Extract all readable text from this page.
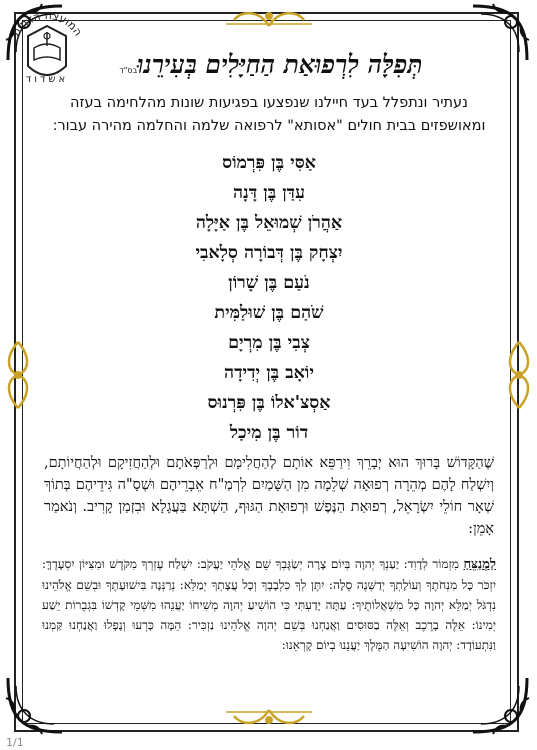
המועצה הדתית
אשדוד
תְּפִלָּה לִרְפוּאַת הַחַיָּלִים בְּעִירֵנוּ
בס"ד
נעתיר ונתפלל בעד חיילנו שנפצעו בפגיעות שונות מהלחימה בעזה ומאושפזים בבית חולים "אסותא" לרפואה שלמה והחלמה מהירה עבור:
אַסִּי בֶּן פִּרְמוֹס
עִדַּן בֶּן דָּנָה
אַהֲרֹן שְׁמוּאֵל בֶּן אַיָּלָה
יִצְחָק בֶּן דְּבוֹרָה סְלָאבִי
נֹעַם בֶּן שָׁרוֹן
שֹׁהַם בֶּן שׁוּלַמִּית
צְבִי בֶּן מִרְיָם
יוֹאָב בֶּן יְדִידָה
אַסְצ'אלוֹ בֶּן פִּרְנוּס
דוֹר בֶּן מִיכַל
שֶׁהַקָּדוֹשׁ בָּרוּךְ הוּא יְבָרֵךְ וִירַפֵּא אוֹתָם לְהַחֲלִימָם וּלְרַפְּאֹתָם וּלְהַחֲזִיקָם וּלְהַחֲיוֹתָם, וְיִשְׁלַח לָהֶם מְהֵרָה רְפוּאָה שְׁלֵמָה מִן הַשָּׁמַיִם לִרְמַ"ח אֵבָרֵיהֶם וּשְׁסָ"ה גִּידֵיהֶם בְּתוֹךְ שְׁאָר חוֹלֵי יִשְׂרָאֵל, רְפוּאַת הַנֶּפֶשׁ וּרְפוּאַת הַגּוּף, הַשְׁתָּא בַּעֲגָלָא וּבִזְמַן קָרִיב. וְנֹאמַר אָמֵן:
לַמְנַצֵּחַ מִזְמוֹר לְדָוִד: יַעַנְךָ יְהוָה בְּיוֹם צָרָה יְשַׂגֶּבְךָ שֵׁם אֱלֹהֵי יַעֲקֹב: יִשְׁלַח עֶזְרְךָ מִקֹּדֶשׁ וּמִצִּיּוֹן יִסְעָדֶךָּ: יִזְכֹּר כָּל מִנְחֹתֶךָ וְעוֹלָתְךָ יְדַשְּׁנֶה סֶלָה: יִתֶּן לְךָ כִלְבָבֶךָ וְכָל עֲצָתְךָ יְמַלֵּא: נְרַנְּנָה בִּישׁוּעָתֶךָ וּבְשֵׁם אֱלֹהֵינוּ נִדְגֹּל יְמַלֵּא יְהוָה כָּל מִשְׁאֲלוֹתֶיךָ: עַתָּה יָדַעְתִּי כִּי הוֹשִׁיעַ יְהוָה מְשִׁיחוֹ יַעֲנֵהוּ מִשְּׁמֵי קָדְשׁוֹ בִּגְבֻרוֹת יֵשַׁע יְמִינוֹ: אֵלֶּה בָרֶכֶב וְאֵלֶּה בַסּוּסִים וַאֲנַחְנוּ בְּשֵׁם יְהוָה אֱלֹהֵינוּ נַזְכִּיר: הֵמָּה כָּרְעוּ וְנָפָלוּ וַאֲנַחְנוּ קַּמְנוּ וַנִּתְעוֹדָד: יְהוָה הוֹשִׁיעָה הַמֶּלֶךְ יַעֲנֵנוּ בְיוֹם קָרְאֵנוּ:
1/1
